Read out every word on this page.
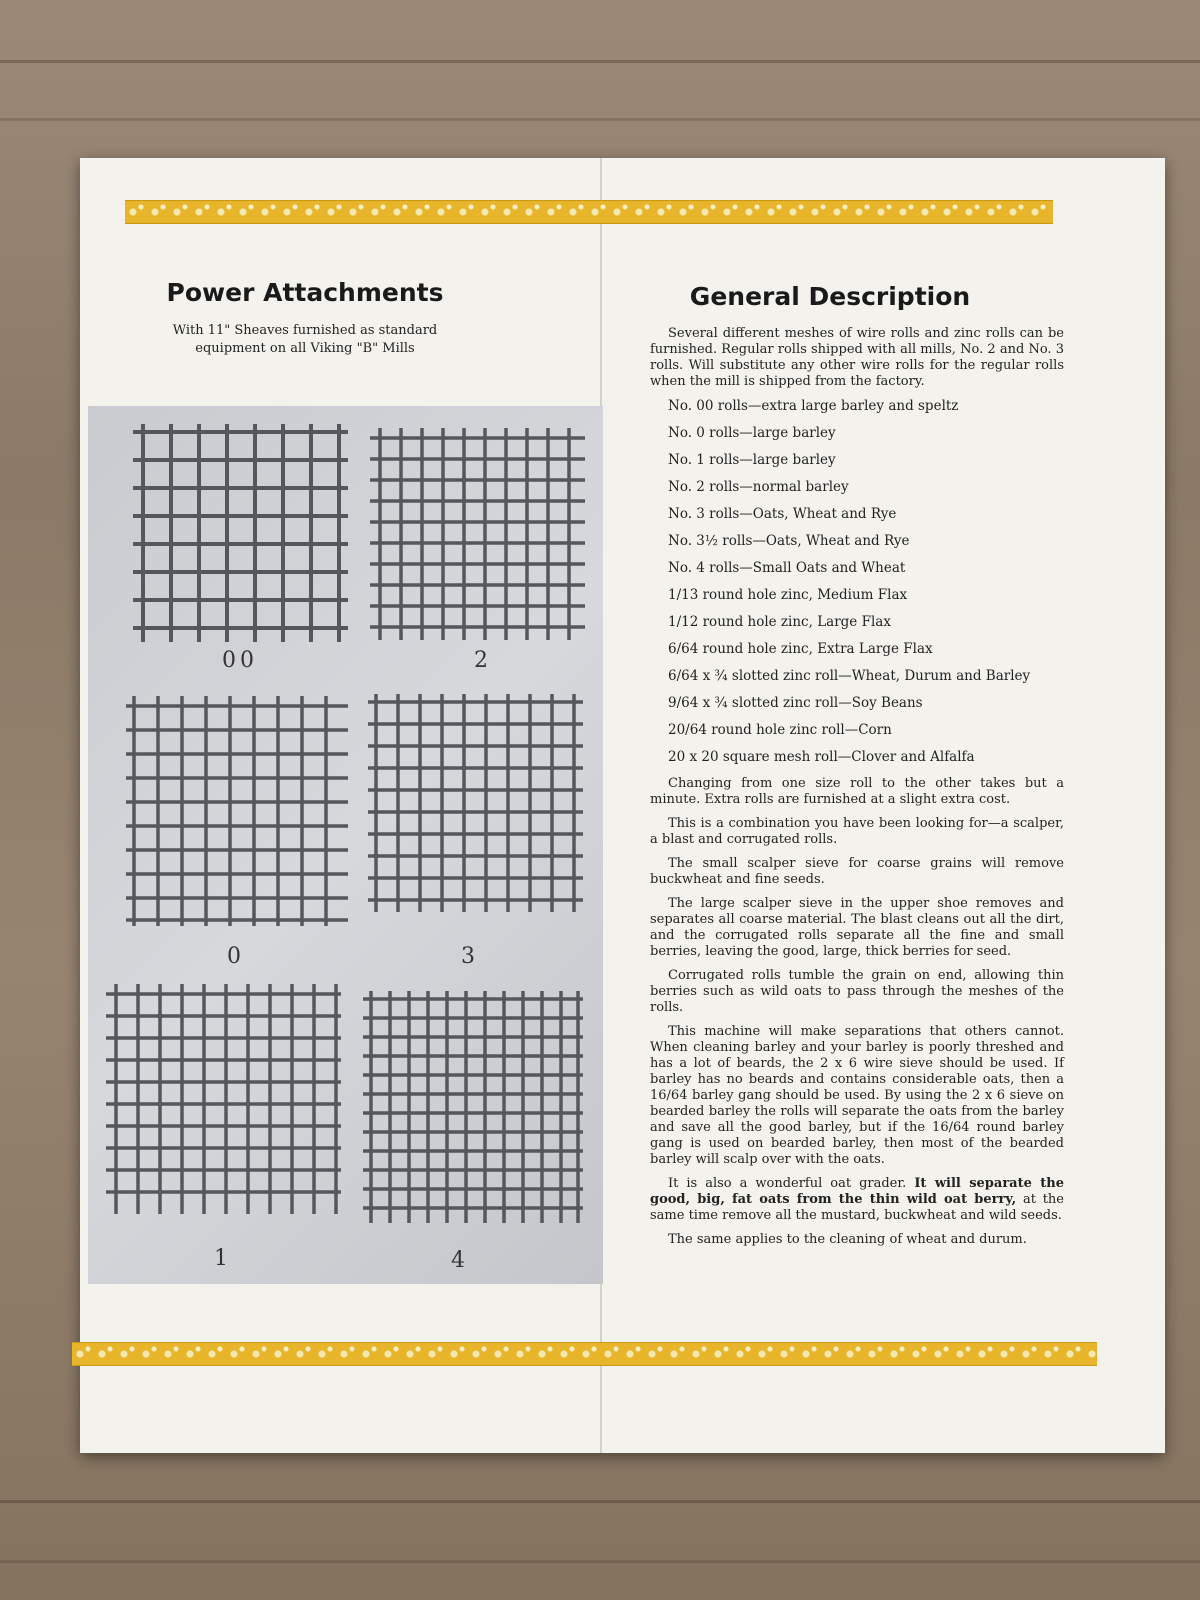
Power Attachments
With 11" Sheaves furnished as standard equipment on all Viking "B" Mills
00	2
0	3
1	4
General Description

Several different meshes of wire rolls and zinc rolls can be furnished. Regular rolls shipped with all mills, No. 2 and No. 3 rolls. Will substitute any other wire rolls for the regular rolls when the mill is shipped from the factory.

No. 00 rolls—extra large barley and speltz
No. 0 rolls—large barley
No. 1 rolls—large barley
No. 2 rolls—normal barley
No. 3 rolls—Oats, Wheat and Rye
No. 3½ rolls—Oats, Wheat and Rye
No. 4 rolls—Small Oats and Wheat
1/13 round hole zinc, Medium Flax
1/12 round hole zinc, Large Flax
6/64 round hole zinc, Extra Large Flax
6/64 x ¾ slotted zinc roll—Wheat, Durum and Barley
9/64 x ¾ slotted zinc roll—Soy Beans
20/64 round hole zinc roll—Corn
20 x 20 square mesh roll—Clover and Alfalfa

Changing from one size roll to the other takes but a minute. Extra rolls are furnished at a slight extra cost.

This is a combination you have been looking for—a scalper, a blast and corrugated rolls.

The small scalper sieve for coarse grains will remove buckwheat and fine seeds.

The large scalper sieve in the upper shoe removes and separates all coarse material. The blast cleans out all the dirt, and the corrugated rolls separate all the fine and small berries, leaving the good, large, thick berries for seed.

Corrugated rolls tumble the grain on end, allowing thin berries such as wild oats to pass through the meshes of the rolls.

This machine will make separations that others cannot. When cleaning barley and your barley is poorly threshed and has a lot of beards, the 2 x 6 wire sieve should be used. If barley has no beards and contains considerable oats, then a 16/64 barley gang should be used. By using the 2 x 6 sieve on bearded barley the rolls will separate the oats from the barley and save all the good barley, but if the 16/64 round barley gang is used on bearded barley, then most of the bearded barley will scalp over with the oats.

It is also a wonderful oat grader. It will separate the good, big, fat oats from the thin wild oat berry, at the same time remove all the mustard, buckwheat and wild seeds.

The same applies to the cleaning of wheat and durum.
